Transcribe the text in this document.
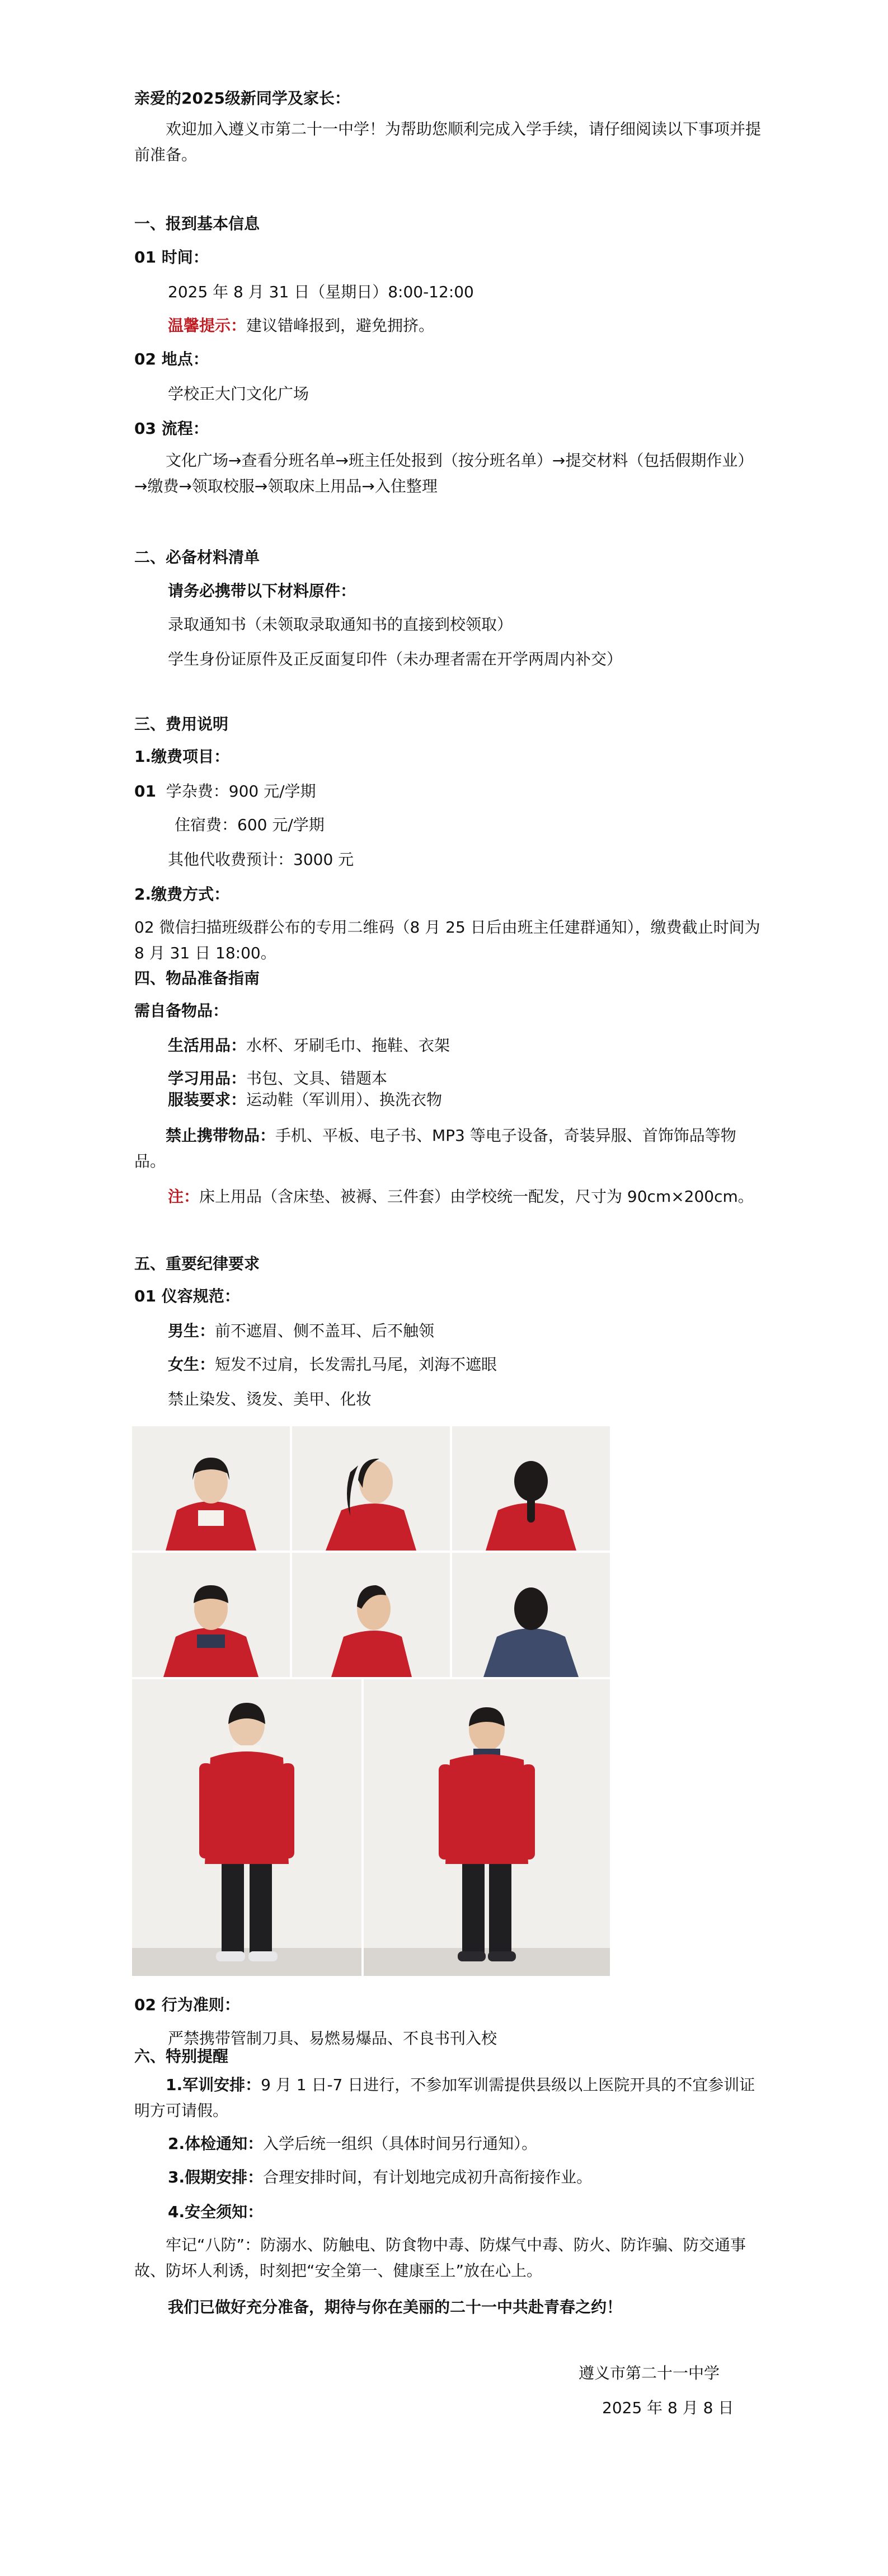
亲爱的2025级新同学及家长：
欢迎加入遵义市第二十一中学！为帮助您顺利完成入学手续，请仔细阅读以下事项并提前准备。
一、报到基本信息
01 时间：
2025 年 8 月 31 日（星期日）8:00-12:00
温馨提示：建议错峰报到，避免拥挤。
02 地点：
学校正大门文化广场
03 流程：
文化广场→查看分班名单→班主任处报到（按分班名单）→提交材料（包括假期作业）→缴费→领取校服→领取床上用品→入住整理
二、必备材料清单
请务必携带以下材料原件：
录取通知书（未领取录取通知书的直接到校领取）
学生身份证原件及正反面复印件（未办理者需在开学两周内补交）
三、费用说明
1.缴费项目：
01 学杂费：900 元/学期
住宿费：600 元/学期
其他代收费预计：3000 元
2.缴费方式：
02 微信扫描班级群公布的专用二维码（8 月 25 日后由班主任建群通知），缴费截止时间为 8 月 31 日 18:00。
四、物品准备指南
需自备物品：
生活用品：水杯、牙刷毛巾、拖鞋、衣架
学习用品：书包、文具、错题本
服装要求：运动鞋（军训用）、换洗衣物
禁止携带物品：手机、平板、电子书、MP3 等电子设备，奇装异服、首饰饰品等物品。
注：床上用品（含床垫、被褥、三件套）由学校统一配发，尺寸为 90cm×200cm。
五、重要纪律要求
01 仪容规范：
男生：前不遮眉、侧不盖耳、后不触领
女生：短发不过肩，长发需扎马尾，刘海不遮眼
禁止染发、烫发、美甲、化妆
02 行为准则：
严禁携带管制刀具、易燃易爆品、不良书刊入校
六、特别提醒
1.军训安排：9 月 1 日-7 日进行，不参加军训需提供县级以上医院开具的不宜参训证明方可请假。
2.体检通知：入学后统一组织（具体时间另行通知）。
3.假期安排：合理安排时间，有计划地完成初升高衔接作业。
4.安全须知：
牢记“八防”：防溺水、防触电、防食物中毒、防煤气中毒、防火、防诈骗、防交通事故、防坏人利诱，时刻把“安全第一、健康至上”放在心上。
我们已做好充分准备，期待与你在美丽的二十一中共赴青春之约！
遵义市第二十一中学
2025 年 8 月 8 日
